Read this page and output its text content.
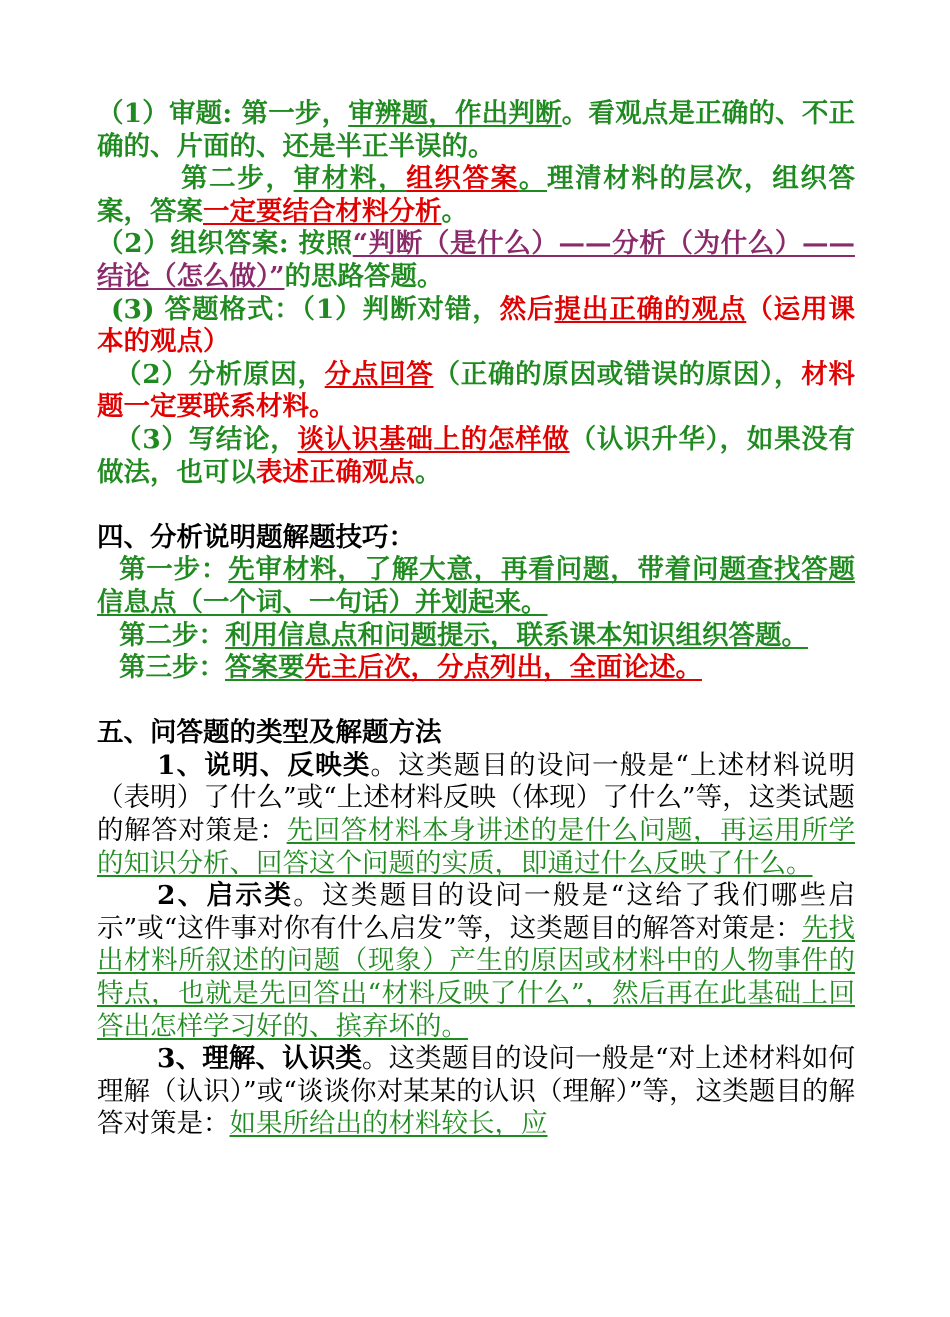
（1）审题: 第一步，审辨题，作出判断。看观点是正确的、不正确的、片面的、还是半正半误的。

第二步，审材料，组织答案。理清材料的层次，组织答案，答案一定要结合材料分析。

（2）组织答案: 按照“判断（是什么）——分析（为什么）——结论（怎么做）”的思路答题。

(3) 答题格式：（1）判断对错，然后提出正确的观点（运用课本的观点）

（2）分析原因，分点回答（正确的原因或错误的原因），材料题一定要联系材料。

（3）写结论，谈认识基础上的怎样做（认识升华），如果没有做法，也可以表述正确观点。

四、分析说明题解题技巧：

第一步：先审材料，了解大意，再看问题，带着问题查找答题信息点（一个词、一句话）并划起来。

第二步：利用信息点和问题提示，联系课本知识组织答题。

第三步：答案要先主后次，分点列出，全面论述。

五、问答题的类型及解题方法

1、说明、反映类。这类题目的设问一般是“上述材料说明（表明）了什么”或“上述材料反映（体现）了什么”等，这类试题的解答对策是：先回答材料本身讲述的是什么问题，再运用所学的知识分析、回答这个问题的实质，即通过什么反映了什么。

2、启示类。这类题目的设问一般是“这给了我们哪些启示”或“这件事对你有什么启发”等，这类题目的解答对策是：先找出材料所叙述的问题（现象）产生的原因或材料中的人物事件的特点，也就是先回答出“材料反映了什么”，然后再在此基础上回答出怎样学习好的、摈弃坏的。

3、理解、认识类。这类题目的设问一般是“对上述材料如何理解（认识）”或“谈谈你对某某的认识（理解）”等，这类题目的解答对策是：如果所给出的材料较长，应
